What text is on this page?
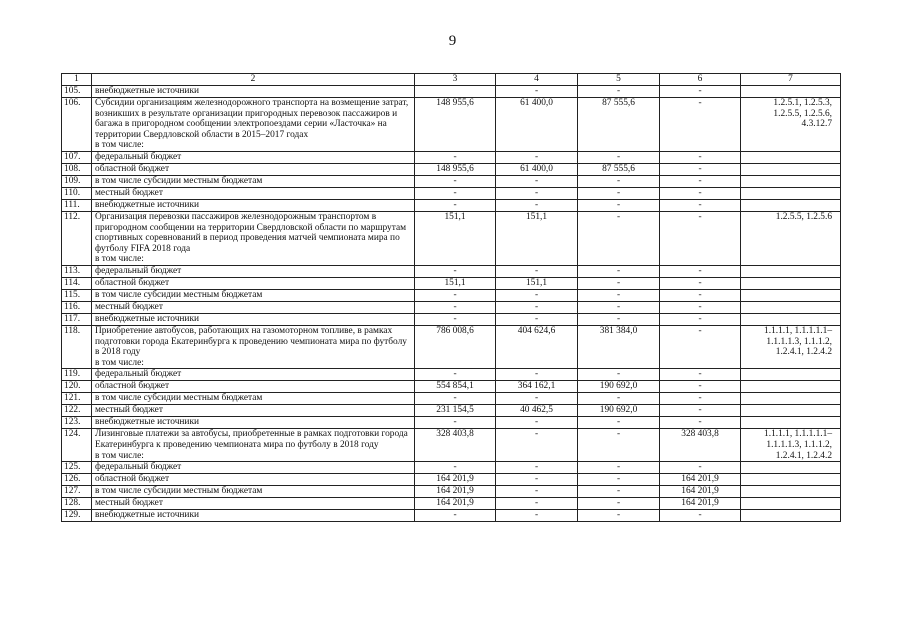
9
1	2	3	4	5	6	7
105.	внебюджетные источники		-	-	-	
106.	Субсидии организациям железнодорожного транспорта на возмещение затрат, возникших в результате организации пригородных перевозок пассажиров и багажа в пригородном сообщении электропоездами серии «Ласточка» на территории Свердловской области в 2015–2017 годах
в том числе:	148 955,6	61 400,0	87 555,6	-	1.2.5.1, 1.2.5.3, 1.2.5.5, 1.2.5.6, 4.3.12.7
107.	федеральный бюджет	-	-	-	-	
108.	областной бюджет	148 955,6	61 400,0	87 555,6	-	
109.	в том числе субсидии местным бюджетам	-	-	-	-	
110.	местный бюджет	-	-	-	-	
111.	внебюджетные источники	-	-	-	-	
112.	Организация перевозки пассажиров железнодорожным транспортом в пригородном сообщении на территории Свердловской области по маршрутам спортивных соревнований в период проведения матчей чемпионата мира по футболу FIFA 2018 года
в том числе:	151,1	151,1	-	-	1.2.5.5, 1.2.5.6
113.	федеральный бюджет	-	-	-	-	
114.	областной бюджет	151,1	151,1	-	-	
115.	в том числе субсидии местным бюджетам	-	-	-	-	
116.	местный бюджет	-	-	-	-	
117.	внебюджетные источники	-	-	-	-	
118.	Приобретение автобусов, работающих на газомоторном топливе, в рамках подготовки города Екатеринбурга к проведению чемпионата мира по футболу в 2018 году
в том числе:	786 008,6	404 624,6	381 384,0	-	1.1.1.1, 1.1.1.1.1– 1.1.1.1.3, 1.1.1.2, 1.2.4.1, 1.2.4.2
119.	федеральный бюджет	-	-	-	-	
120.	областной бюджет	554 854,1	364 162,1	190 692,0	-	
121.	в том числе субсидии местным бюджетам	-	-	-	-	
122.	местный бюджет	231 154,5	40 462,5	190 692,0	-	
123.	внебюджетные источники	-	-	-	-	
124.	Лизинговые платежи за автобусы, приобретенные в рамках подготовки города Екатеринбурга к проведению чемпионата мира по футболу в 2018 году
в том числе:	328 403,8	-	-	328 403,8	1.1.1.1, 1.1.1.1.1– 1.1.1.1.3, 1.1.1.2, 1.2.4.1, 1.2.4.2
125.	федеральный бюджет	-	-	-	-	
126.	областной бюджет	164 201,9	-	-	164 201,9	
127.	в том числе субсидии местным бюджетам	164 201,9	-	-	164 201,9	
128.	местный бюджет	164 201,9	-	-	164 201,9	
129.	внебюджетные источники	-	-	-	-	
